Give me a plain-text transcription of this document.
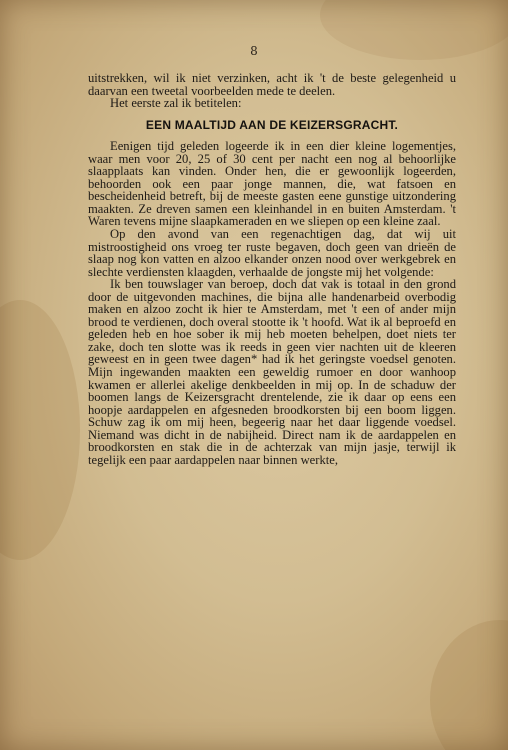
8

uitstrekken, wil ik niet verzinken, acht ik 't de beste gelegenheid u daarvan een tweetal voorbeelden mede te deelen.

Het eerste zal ik betitelen:

EEN MAALTIJD AAN DE KEIZERSGRACHT.

Eenigen tijd geleden logeerde ik in een dier kleine logementjes, waar men voor 20, 25 of 30 cent per nacht een nog al behoorlijke slaapplaats kan vinden. Onder hen, die er gewoonlijk logeerden, behoorden ook een paar jonge mannen, die, wat fatsoen en bescheidenheid betreft, bij de meeste gasten eene gunstige uitzondering maakten. Ze dreven samen een kleinhandel in en buiten Amsterdam. 't Waren tevens mijne slaapkameraden en we sliepen op een kleine zaal.

Op den avond van een regenachtigen dag, dat wij uit mistroostigheid ons vroeg ter ruste begaven, doch geen van drieën de slaap nog kon vatten en alzoo elkander onzen nood over werkgebrek en slechte verdiensten klaagden, verhaalde de jongste mij het volgende:

Ik ben touwslager van beroep, doch dat vak is totaal in den grond door de uitgevonden machines, die bijna alle handenarbeid overbodig maken en alzoo zocht ik hier te Amsterdam, met 't een of ander mijn brood te verdienen, doch overal stootte ik 't hoofd. Wat ik al beproefd en geleden heb en hoe sober ik mij heb moeten behelpen, doet niets ter zake, doch ten slotte was ik reeds in geen vier nachten uit de kleeren geweest en in geen twee dagen* had ik het geringste voedsel genoten. Mijn ingewanden maakten een geweldig rumoer en door wanhoop kwamen er allerlei akelige denkbeelden in mij op. In de schaduw der boomen langs de Keizersgracht drentelende, zie ik daar op eens een hoopje aardappelen en afgesneden broodkorsten bij een boom liggen. Schuw zag ik om mij heen, begeerig naar het daar liggende voedsel. Niemand was dicht in de nabijheid. Direct nam ik de aardappelen en broodkorsten en stak die in de achterzak van mijn jasje, terwijl ik tegelijk een paar aardappelen naar binnen werkte,
